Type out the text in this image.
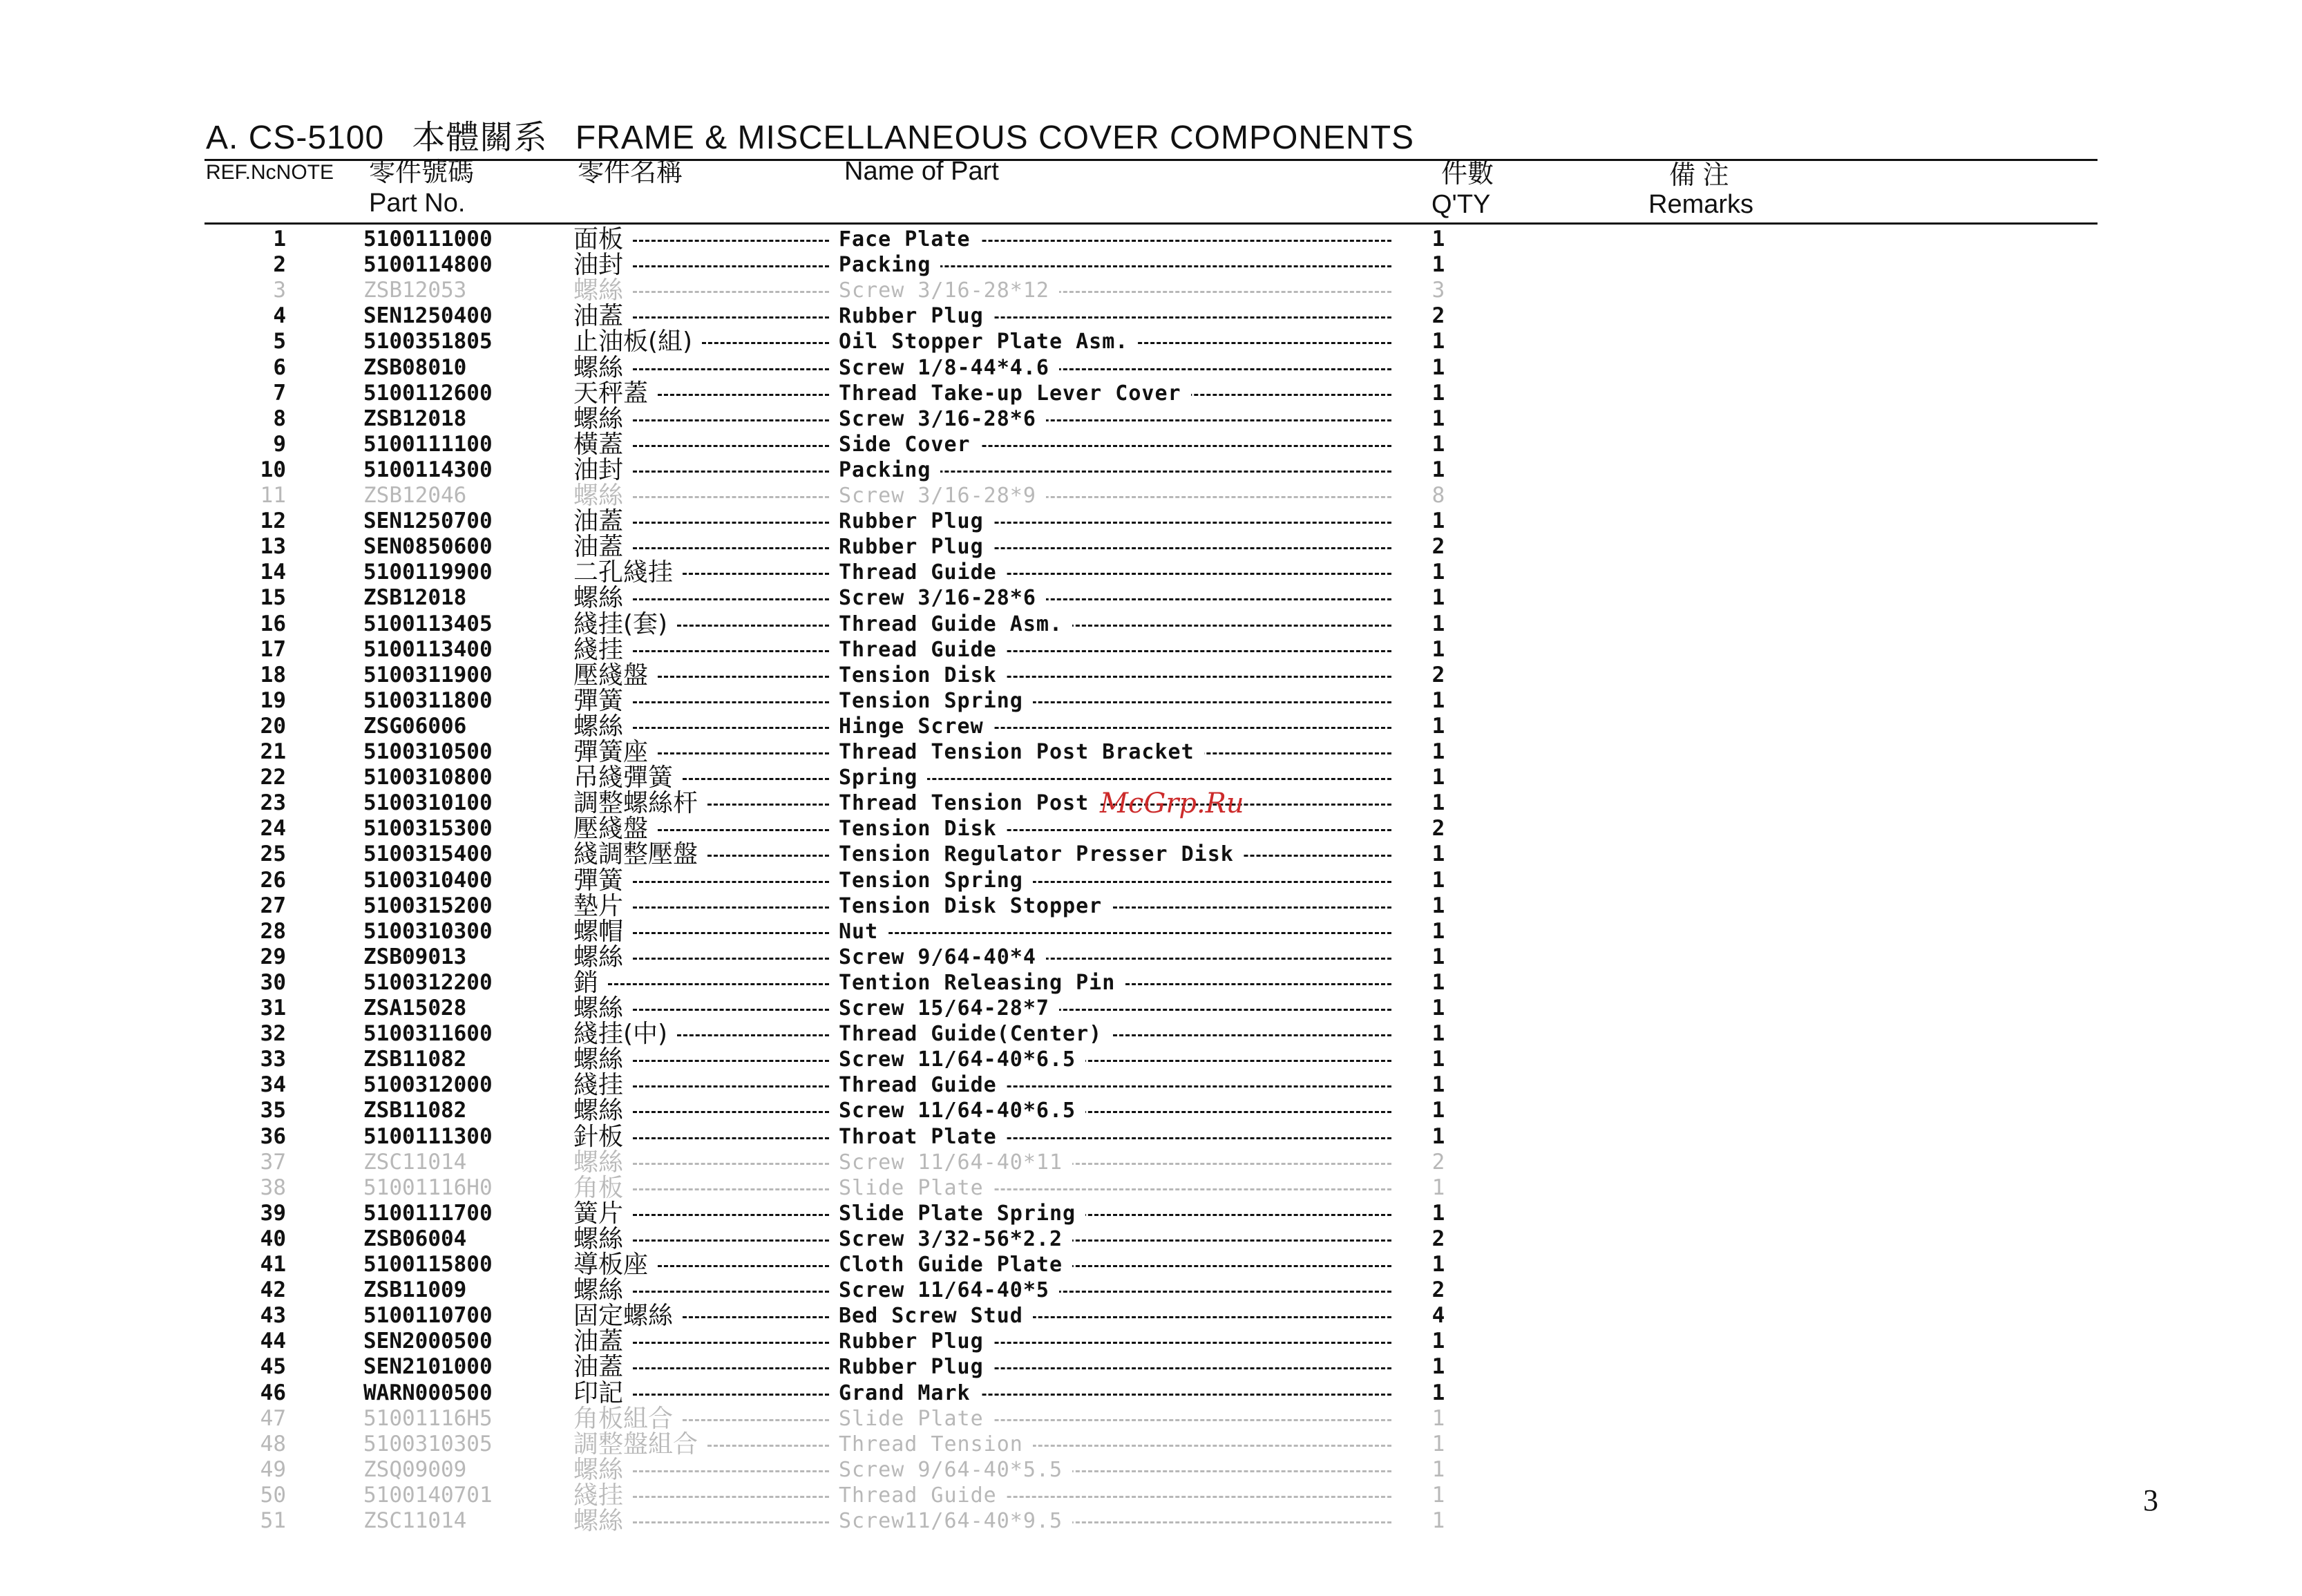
A. CS-5100 本體關系 FRAME & MISCELLANEOUS COVER COMPONENTS
REF.NcNOTE 零件號碼
Part No.
零件名稱	Name of Part	件數
Q'TY
備 注
Remarks
1	5100111000	面板	Face Plate	1
2	5100114800	油封	Packing	1
3	ZSB12053	螺絲	Screw 3/16-28*12	3
4	SEN1250400	油蓋	Rubber Plug	2
5	5100351805	止油板(組)	Oil Stopper Plate Asm.	1
6	ZSB08010	螺絲	Screw 1/8-44*4.6	1
7	5100112600	天秤蓋	Thread Take-up Lever Cover	1
8	ZSB12018	螺絲	Screw 3/16-28*6	1
9	5100111100	橫蓋	Side Cover	1
10	5100114300	油封	Packing	1
11	ZSB12046	螺絲	Screw 3/16-28*9	8
12	SEN1250700	油蓋	Rubber Plug	1
13	SEN0850600	油蓋	Rubber Plug	2
14	5100119900	二孔綫挂	Thread Guide	1
15	ZSB12018	螺絲	Screw 3/16-28*6	1
16	5100113405	綫挂(套)	Thread Guide Asm.	1
17	5100113400	綫挂	Thread Guide	1
18	5100311900	壓綫盤	Tension Disk	2
19	5100311800	彈簧	Tension Spring	1
20	ZSG06006	螺絲	Hinge Screw	1
21	5100310500	彈簧座	Thread Tension Post Bracket	1
22	5100310800	吊綫彈簧	Spring	1
23	5100310100	調整螺絲杆	Thread Tension Post	1
24	5100315300	壓綫盤	Tension Disk	2
25	5100315400	綫調整壓盤	Tension Regulator Presser Disk	1
26	5100310400	彈簧	Tension Spring	1
27	5100315200	墊片	Tension Disk Stopper	1
28	5100310300	螺帽	Nut	1
29	ZSB09013	螺絲	Screw 9/64-40*4	1
30	5100312200	銷	Tention Releasing Pin	1
31	ZSA15028	螺絲	Screw 15/64-28*7	1
32	5100311600	綫挂(中)	Thread Guide(Center)	1
33	ZSB11082	螺絲	Screw 11/64-40*6.5	1
34	5100312000	綫挂	Thread Guide	1
35	ZSB11082	螺絲	Screw 11/64-40*6.5	1
36	5100111300	針板	Throat Plate	1
37	ZSC11014	螺絲	Screw 11/64-40*11	2
38	51001116H0	角板	Slide Plate	1
39	5100111700	簧片	Slide Plate Spring	1
40	ZSB06004	螺絲	Screw 3/32-56*2.2	2
41	5100115800	導板座	Cloth Guide Plate	1
42	ZSB11009	螺絲	Screw 11/64-40*5	2
43	5100110700	固定螺絲	Bed Screw Stud	4
44	SEN2000500	油蓋	Rubber Plug	1
45	SEN2101000	油蓋	Rubber Plug	1
46	WARN000500	印記	Grand Mark	1
47	51001116H5	角板組合	Slide Plate	1
48	5100310305	調整盤組合	Thread Tension	1
49	ZSQ09009	螺絲	Screw 9/64-40*5.5	1
50	5100140701	綫挂	Thread Guide	1
51	ZSC11014	螺絲	Screw11/64-40*9.5	1
McGrp.Ru
3
